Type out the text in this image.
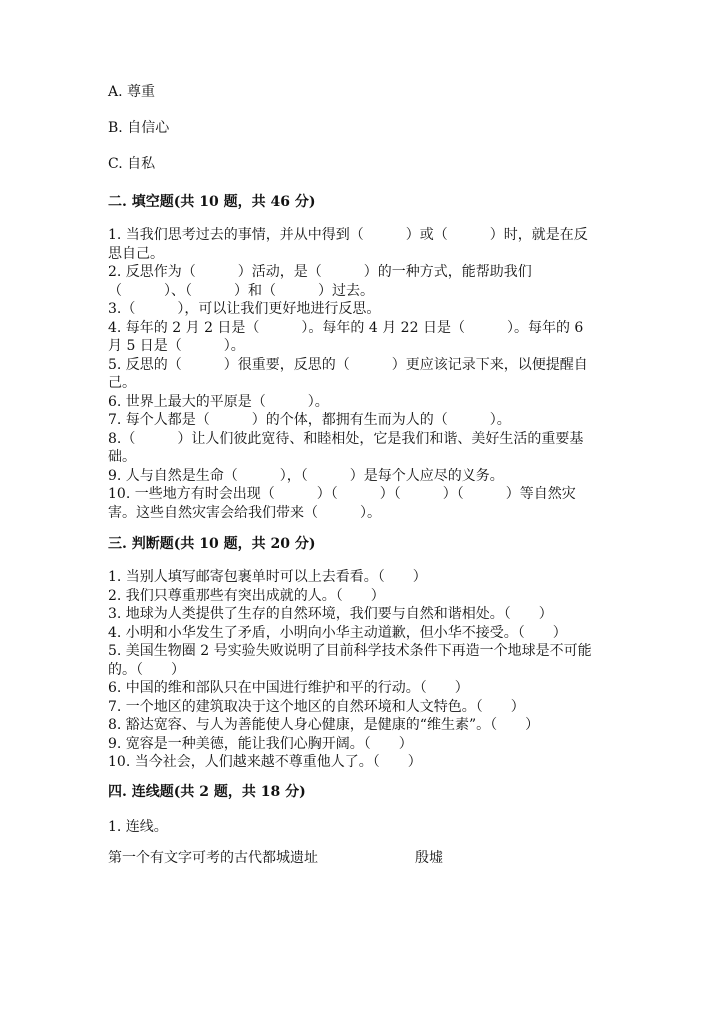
A. 尊重
B. 自信心
C. 自私
二. 填空题(共 10 题，共 46 分)

1. 当我们思考过去的事情，并从中得到（　　　）或（　　　）时，就是在反
思自己。

2. 反思作为（　　　）活动，是（　　　）的一种方式，能帮助我们
（　　　）、（　　　）和（　　　）过去。

3.（　　　），可以让我们更好地进行反思。

4. 每年的 2 月 2 日是（　　　）。每年的 4 月 22 日是（　　　）。每年的 6
月 5 日是（　　　）。

5. 反思的（　　　）很重要，反思的（　　　）更应该记录下来，以便提醒自
己。

6. 世界上最大的平原是（　　　）。

7. 每个人都是（　　　）的个体，都拥有生而为人的（　　　）。

8.（　　　）让人们彼此宽待、和睦相处，它是我们和谐、美好生活的重要基
础。

9. 人与自然是生命（　　　），（　　　）是每个人应尽的义务。

10. 一些地方有时会出现（　　　）（　　　）（　　　）（　　　）等自然灾
害。这些自然灾害会给我们带来（　　　）。

三. 判断题(共 10 题，共 20 分)

1. 当别人填写邮寄包裹单时可以上去看看。（　　）

2. 我们只尊重那些有突出成就的人。（　　）

3. 地球为人类提供了生存的自然环境，我们要与自然和谐相处。（　　）

4. 小明和小华发生了矛盾，小明向小华主动道歉，但小华不接受。（　　）

5. 美国生物圈 2 号实验失败说明了目前科学技术条件下再造一个地球是不可能
的。（　　）

6. 中国的维和部队只在中国进行维护和平的行动。（　　）

7. 一个地区的建筑取决于这个地区的自然环境和人文特色。（　　）

8. 豁达宽容、与人为善能使人身心健康，是健康的“维生素”。（　　）

9. 宽容是一种美德，能让我们心胸开阔。（　　）

10. 当今社会，人们越来越不尊重他人了。（　　）

四. 连线题(共 2 题，共 18 分)
1. 连线。
第一个有文字可考的古代都城遗址	殷墟
